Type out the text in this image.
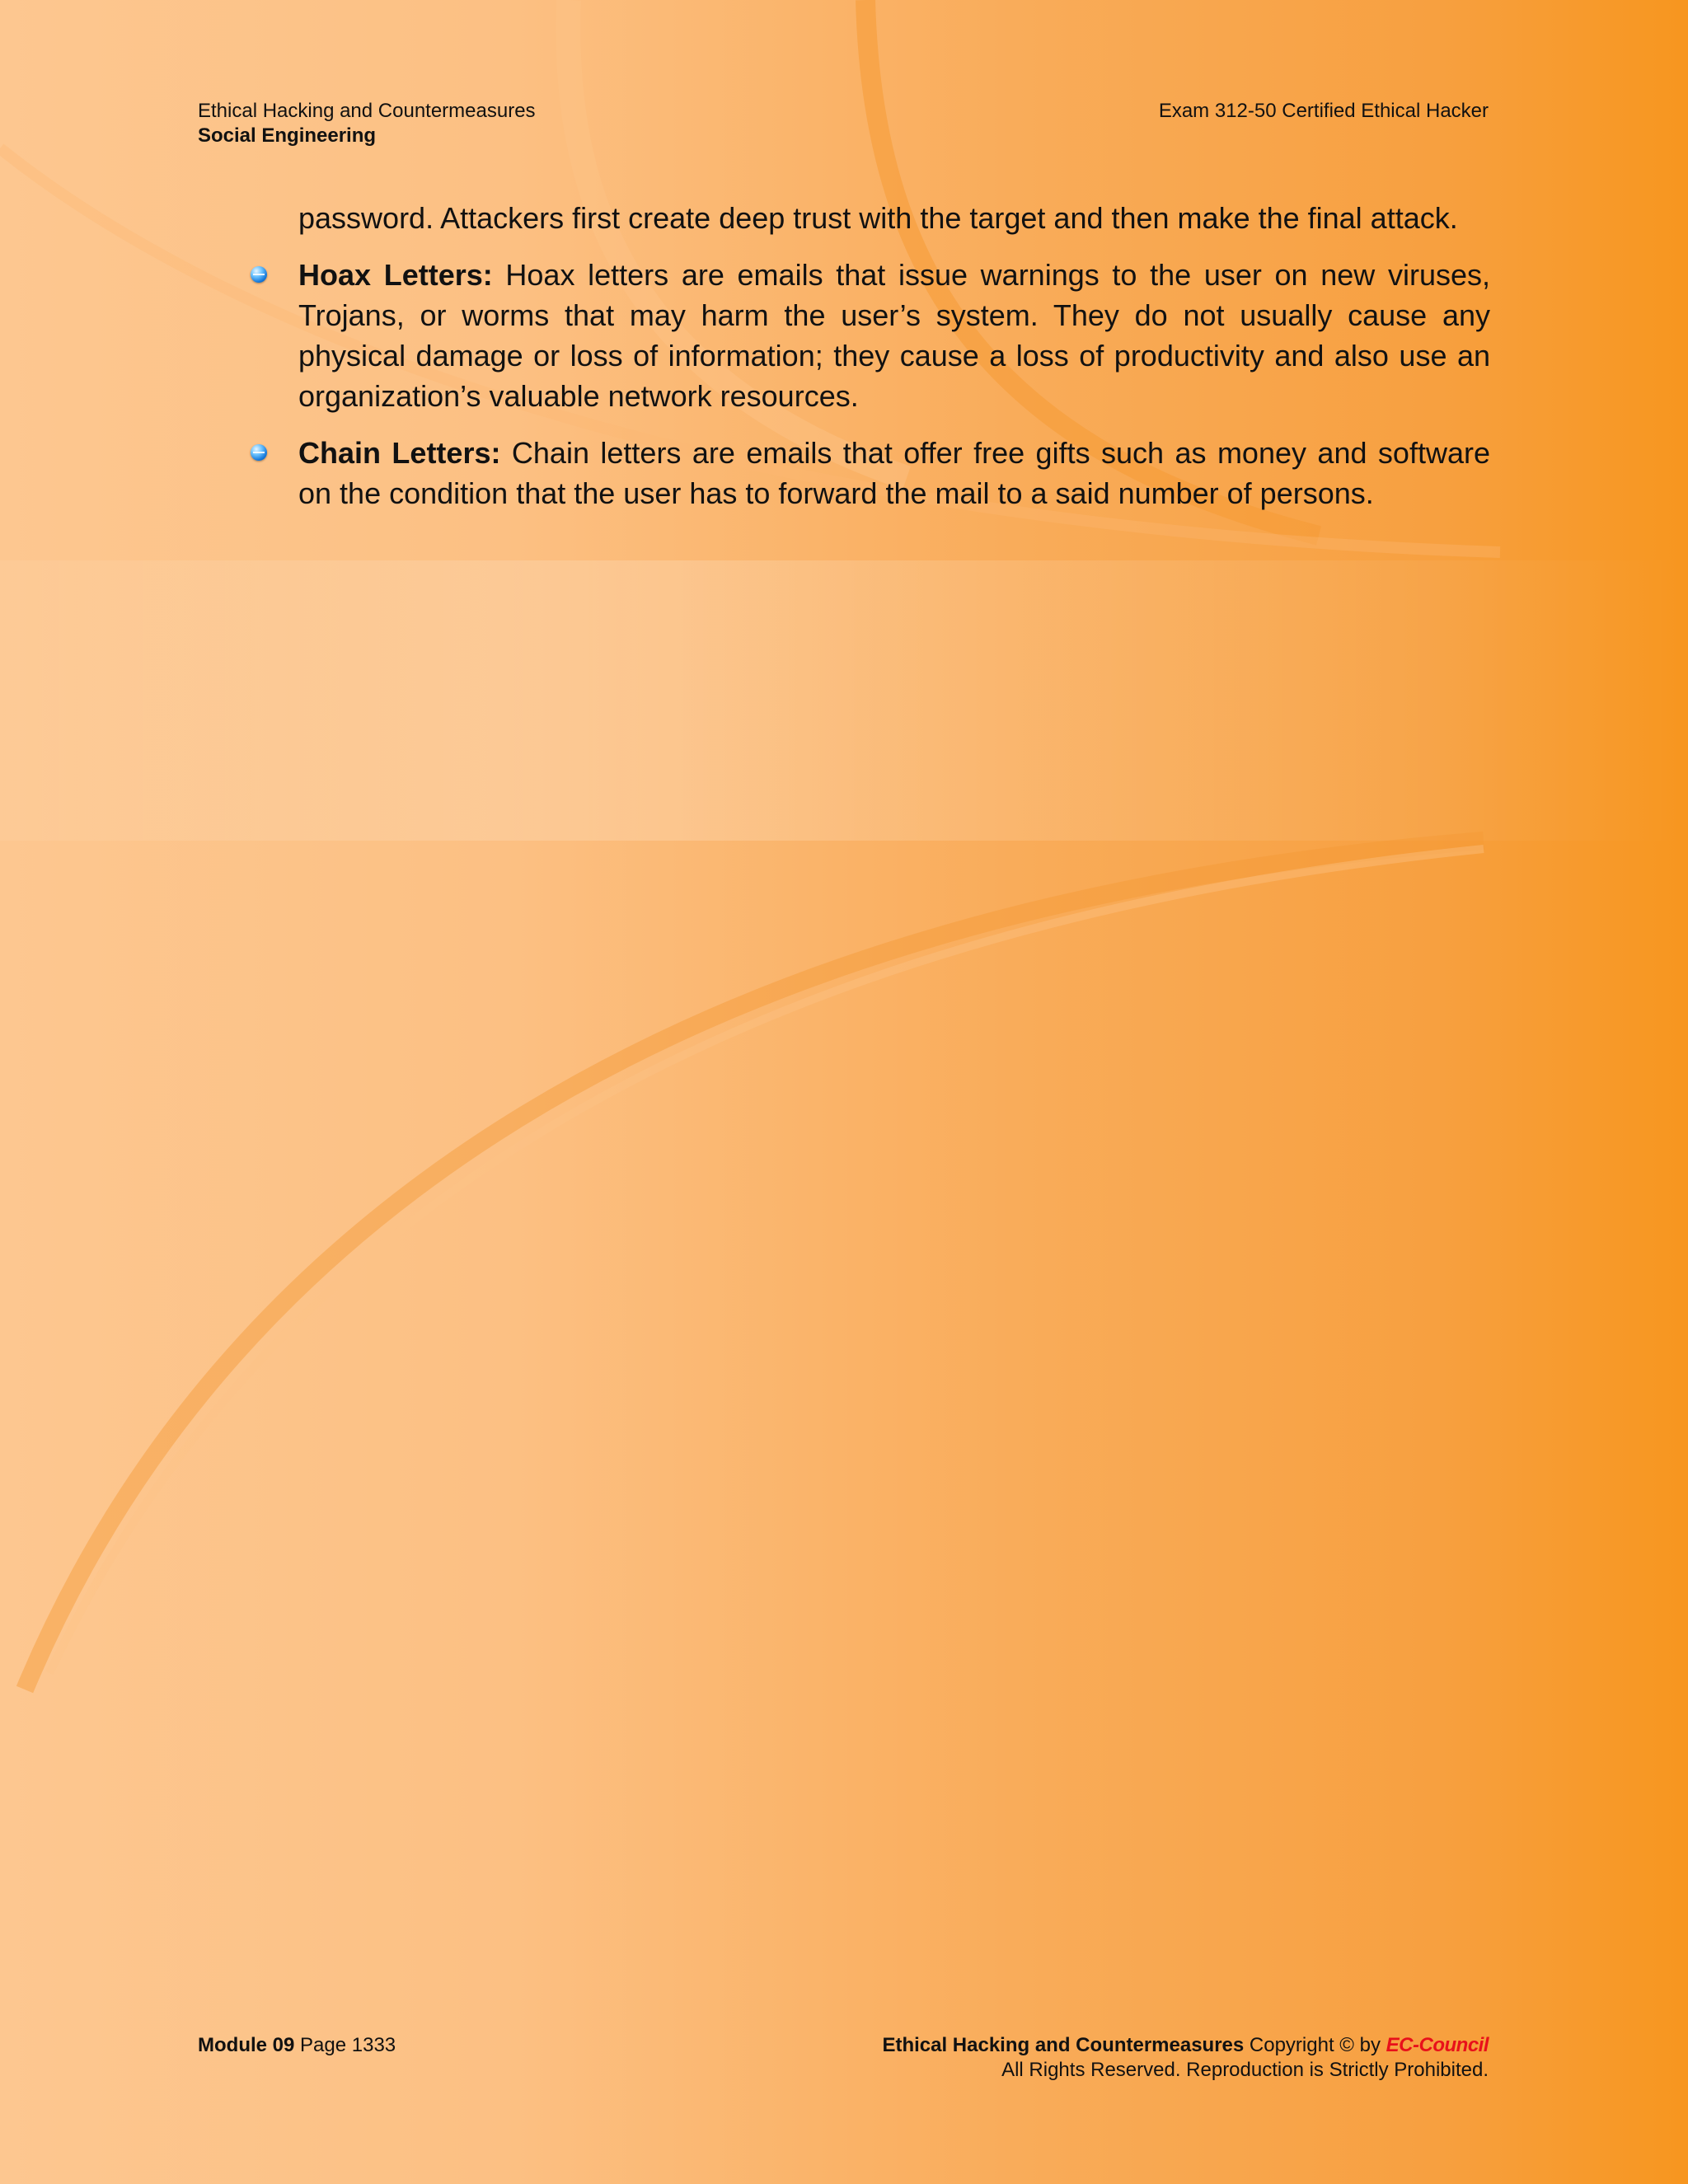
Ethical Hacking and Countermeasures
Social Engineering
Exam 312-50 Certified Ethical Hacker

password. Attackers first create deep trust with the target and then make the final attack.

Hoax Letters: Hoax letters are emails that issue warnings to the user on new viruses, Trojans, or worms that may harm the user’s system. They do not usually cause any physical damage or loss of information; they cause a loss of productivity and also use an organization’s valuable network resources.
Chain Letters: Chain letters are emails that offer free gifts such as money and software on the condition that the user has to forward the mail to a said number of persons.
Module 09 Page 1333	Ethical Hacking and Countermeasures Copyright © by EC-Council
All Rights Reserved. Reproduction is Strictly Prohibited.
